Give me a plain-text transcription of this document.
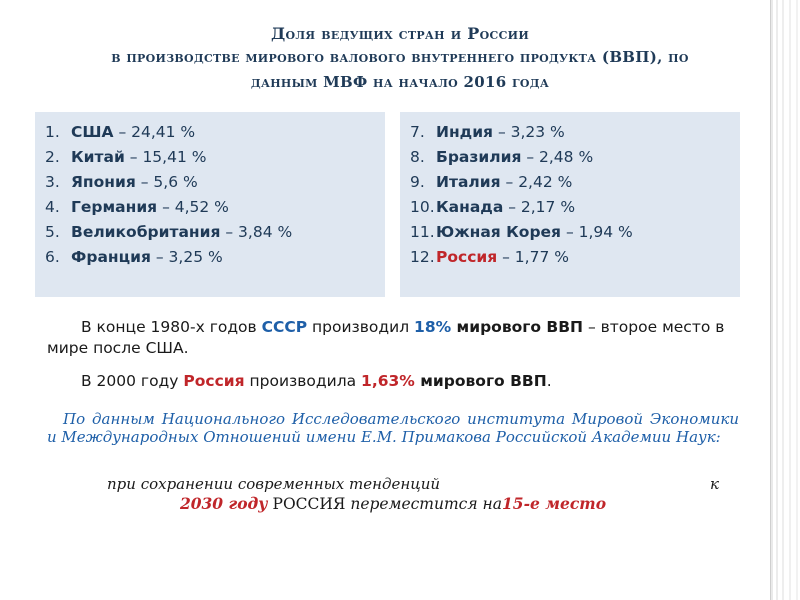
Доля ведущих стран и России
в производстве мирового валового внутреннего продукта (ВВП), по
данным МВФ на начало 2016 года
1. США – 24,41 %
2. Китай – 15,41 %
3. Япония – 5,6 %
4. Германия – 4,52 %
5. Великобритания – 3,84 %
6. Франция – 3,25 %
7. Индия – 3,23 %
8. Бразилия – 2,48 %
9. Италия – 2,42 %
10.Канада – 2,17 %
11.Южная Корея – 1,94 %
12.Россия – 1,77 %
В конце 1980-х годов СССР производил 18% мирового ВВП – второе место в мире после США.
В 2000 году Россия производила 1,63% мирового ВВП.
По данным Национального Исследовательского института Мировой Экономики и Международных Отношений имени Е.М. Примакова Российской Академии Наук:
при сохранении современных тенденций	к
2030 году РОССИЯ переместится на15-е место
